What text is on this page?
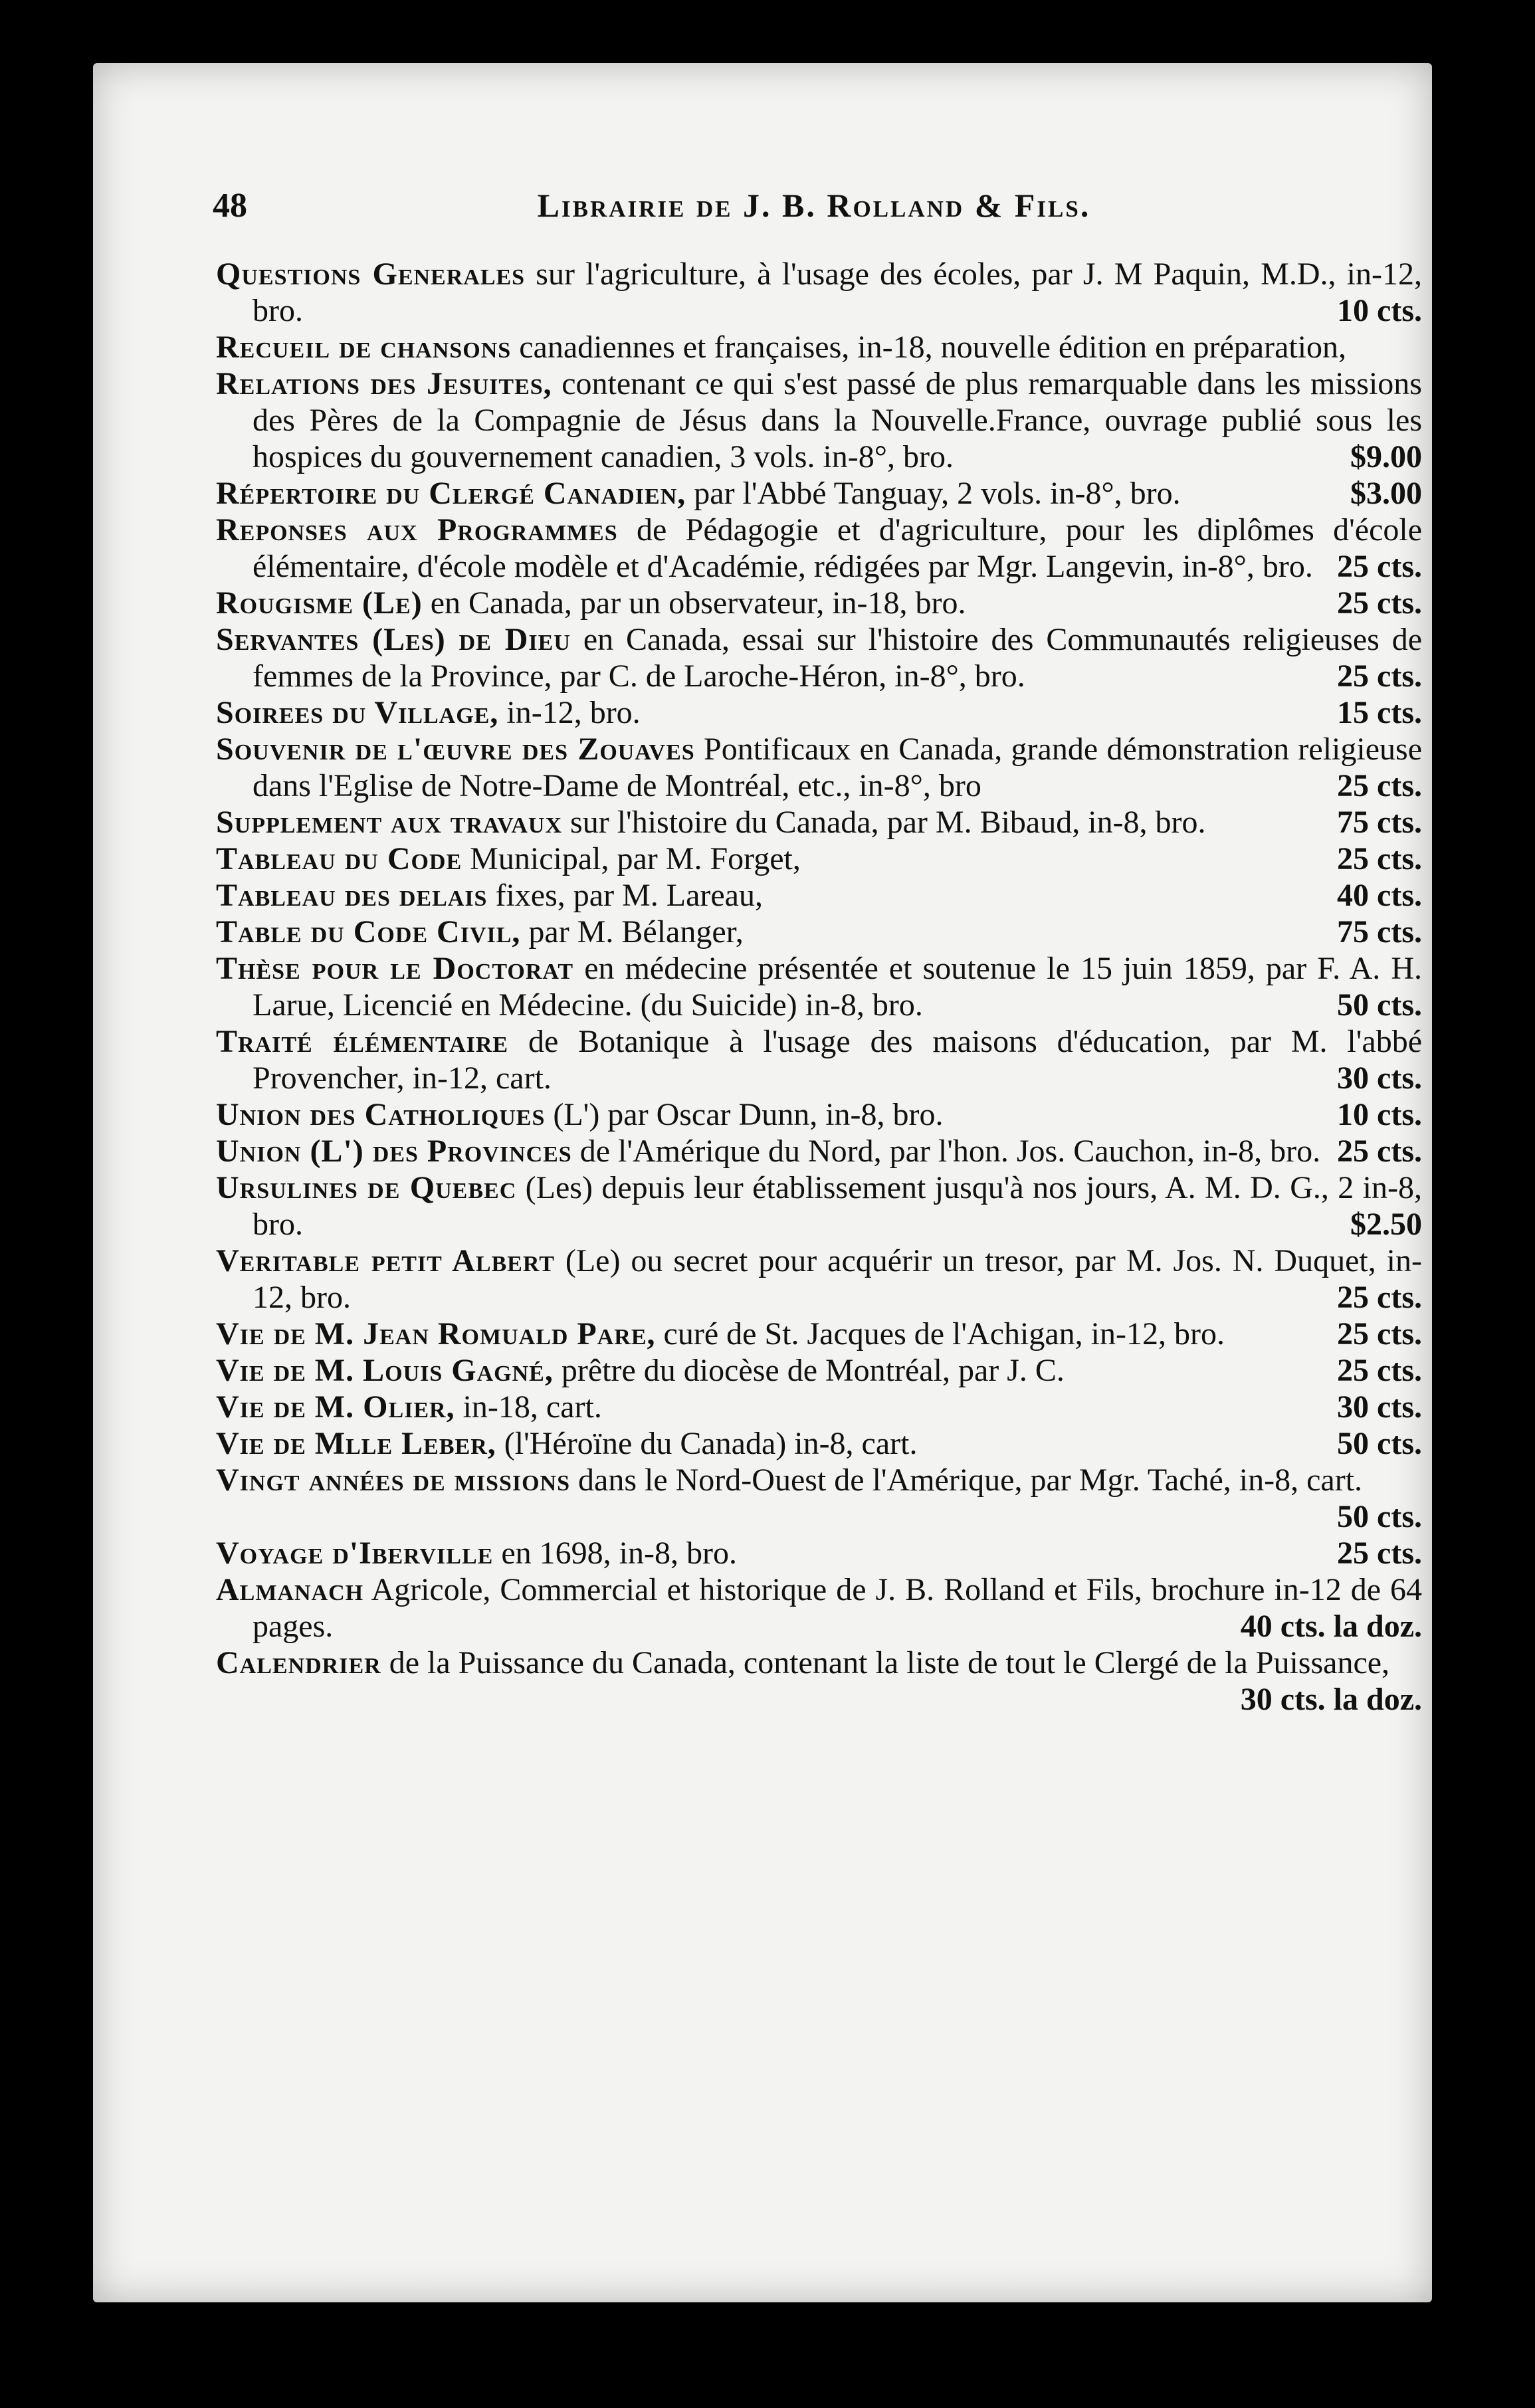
48	Librairie de J. B. Rolland & Fils.

Questions Generales sur l'agriculture, à l'usage des écoles, par J. M Paquin, M.D., in-12, bro.	10 cts.

Recueil de chansons canadiennes et françaises, in-18, nouvelle édition en préparation,

Relations des Jesuites, contenant ce qui s'est passé de plus remarquable dans les missions des Pères de la Compagnie de Jésus dans la Nouvelle.France, ouvrage publié sous les hospices du gouvernement canadien, 3 vols. in-8°, bro.	$9.00

Répertoire du Clergé Canadien, par l'Abbé Tanguay, 2 vols. in-8°, bro.	$3.00

Reponses aux Programmes de Pédagogie et d'agriculture, pour les diplômes d'école élémentaire, d'école modèle et d'Académie, rédigées par Mgr. Langevin, in-8°, bro. 25 cts.

Rougisme (Le) en Canada, par un observateur, in-18, bro.	25 cts.

Servantes (Les) de Dieu en Canada, essai sur l'histoire des Communautés religieuses de femmes de la Province, par C. de Laroche-Héron, in-8°, bro.	25 cts.

Soirees du Village, in-12, bro.	15 cts.

Souvenir de l'œuvre des Zouaves Pontificaux en Canada, grande démonstration religieuse dans l'Eglise de Notre-Dame de Montréal, etc., in-8°, bro	25 cts.

Supplement aux travaux sur l'histoire du Canada, par M. Bibaud, in-8, bro.	75 cts.

Tableau du Code Municipal, par M. Forget,	25 cts.

Tableau des delais fixes, par M. Lareau,	40 cts.

Table du Code Civil, par M. Bélanger,	75 cts.

Thèse pour le Doctorat en médecine présentée et soutenue le 15 juin 1859, par F. A. H. Larue, Licencié en Médecine. (du Suicide) in-8, bro.	50 cts.

Traité élémentaire de Botanique à l'usage des maisons d'éducation, par M. l'abbé Provencher, in-12, cart.	30 cts.

Union des Catholiques (L') par Oscar Dunn, in-8, bro.	10 cts.

Union (L') des Provinces de l'Amérique du Nord, par l'hon. Jos. Cauchon, in-8, bro. 25 cts.

Ursulines de Quebec (Les) depuis leur établissement jusqu'à nos jours, A. M. D. G., 2 in-8, bro.	$2.50

Veritable petit Albert (Le) ou secret pour acquérir un tresor, par M. Jos. N. Duquet, in-12, bro.	25 cts.

Vie de M. Jean Romuald Pare, curé de St. Jacques de l'Achigan, in-12, bro.	25 cts.

Vie de M. Louis Gagné, prêtre du diocèse de Montréal, par J. C.	25 cts.

Vie de M. Olier, in-18, cart.	30 cts.

Vie de Mlle Leber, (l'Héroïne du Canada) in-8, cart.	50 cts.

Vingt années de missions dans le Nord-Ouest de l'Amérique, par Mgr. Taché, in-8, cart.
50 cts.

Voyage d'Iberville en 1698, in-8, bro.	25 cts.

Almanach Agricole, Commercial et historique de J. B. Rolland et Fils, brochure in-12 de 64 pages.	40 cts. la doz.

Calendrier de la Puissance du Canada, contenant la liste de tout le Clergé de la Puissance,
30 cts. la doz.
